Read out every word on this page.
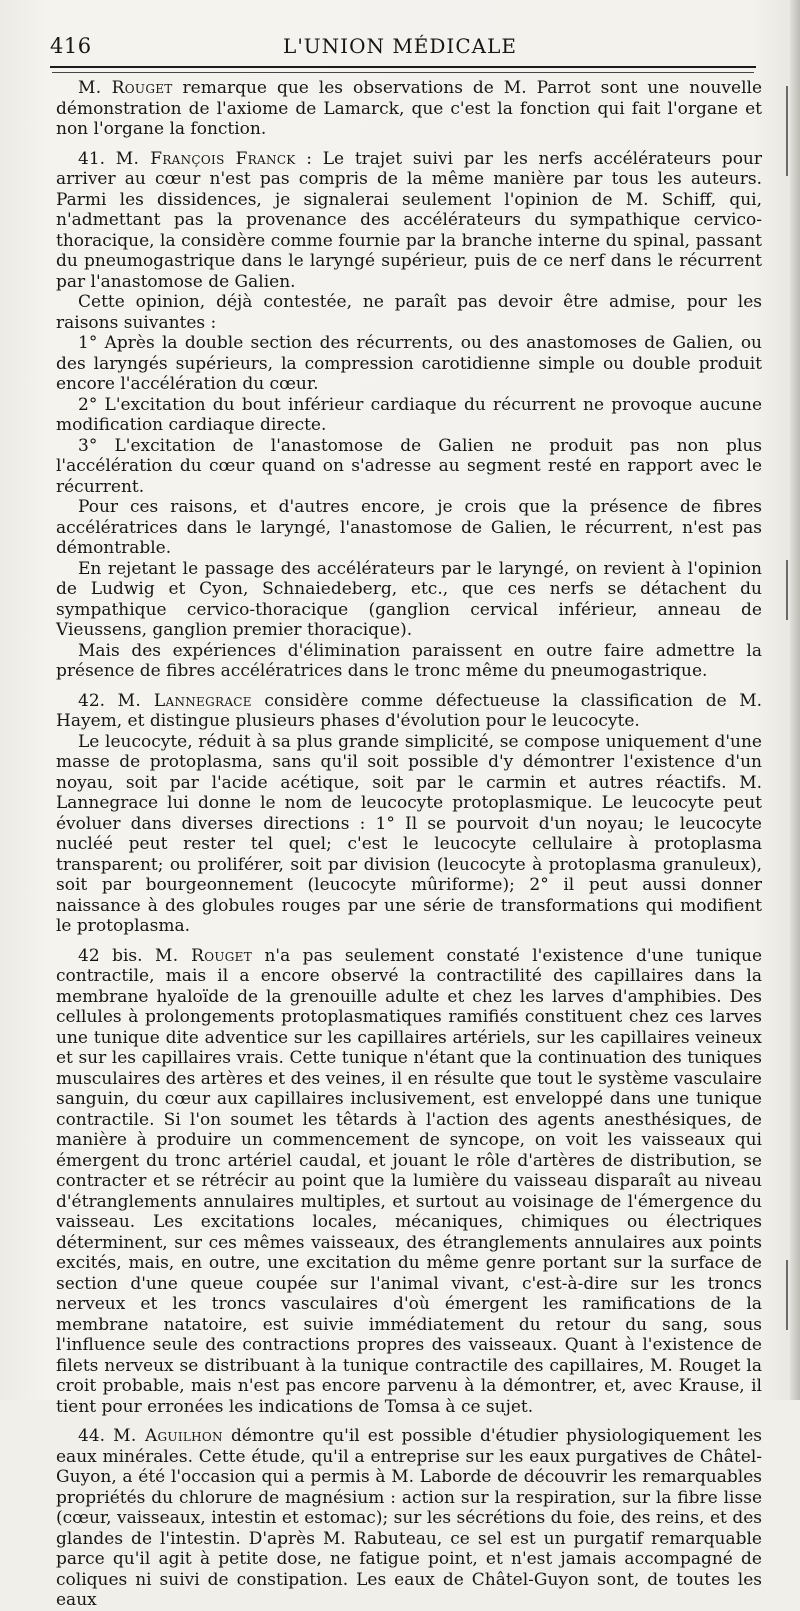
416	L'UNION MÉDICALE

M. Rouget remarque que les observations de M. Parrot sont une nouvelle démonstration de l'axiome de Lamarck, que c'est la fonction qui fait l'organe et non l'organe la fonction.

41. M. François Franck : Le trajet suivi par les nerfs accélérateurs pour arriver au cœur n'est pas compris de la même manière par tous les auteurs. Parmi les dissidences, je signalerai seulement l'opinion de M. Schiff, qui, n'admettant pas la provenance des accélérateurs du sympathique cervico-thoracique, la considère comme fournie par la branche interne du spinal, passant du pneumogastrique dans le laryngé supérieur, puis de ce nerf dans le récurrent par l'anastomose de Galien.

Cette opinion, déjà contestée, ne paraît pas devoir être admise, pour les raisons suivantes :

1° Après la double section des récurrents, ou des anastomoses de Galien, ou des laryngés supérieurs, la compression carotidienne simple ou double produit encore l'accélération du cœur.

2° L'excitation du bout inférieur cardiaque du récurrent ne provoque aucune modification cardiaque directe.

3° L'excitation de l'anastomose de Galien ne produit pas non plus l'accélération du cœur quand on s'adresse au segment resté en rapport avec le récurrent.

Pour ces raisons, et d'autres encore, je crois que la présence de fibres accélératrices dans le laryngé, l'anastomose de Galien, le récurrent, n'est pas démontrable.

En rejetant le passage des accélérateurs par le laryngé, on revient à l'opinion de Ludwig et Cyon, Schnaiedeberg, etc., que ces nerfs se détachent du sympathique cervico-thoracique (ganglion cervical inférieur, anneau de Vieussens, ganglion premier thoracique).

Mais des expériences d'élimination paraissent en outre faire admettre la présence de fibres accélératrices dans le tronc même du pneumogastrique.

42. M. Lannegrace considère comme défectueuse la classification de M. Hayem, et distingue plusieurs phases d'évolution pour le leucocyte.

Le leucocyte, réduit à sa plus grande simplicité, se compose uniquement d'une masse de protoplasma, sans qu'il soit possible d'y démontrer l'existence d'un noyau, soit par l'acide acétique, soit par le carmin et autres réactifs. M. Lannegrace lui donne le nom de leucocyte protoplasmique. Le leucocyte peut évoluer dans diverses directions : 1° Il se pourvoit d'un noyau; le leucocyte nucléé peut rester tel quel; c'est le leucocyte cellulaire à protoplasma transparent; ou proliférer, soit par division (leucocyte à protoplasma granuleux), soit par bourgeonnement (leucocyte mûriforme); 2° il peut aussi donner naissance à des globules rouges par une série de transformations qui modifient le protoplasma.

42 bis. M. Rouget n'a pas seulement constaté l'existence d'une tunique contractile, mais il a encore observé la contractilité des capillaires dans la membrane hyaloïde de la grenouille adulte et chez les larves d'amphibies. Des cellules à prolongements protoplasmatiques ramifiés constituent chez ces larves une tunique dite adventice sur les capillaires artériels, sur les capillaires veineux et sur les capillaires vrais. Cette tunique n'étant que la continuation des tuniques musculaires des artères et des veines, il en résulte que tout le système vasculaire sanguin, du cœur aux capillaires inclusivement, est enveloppé dans une tunique contractile. Si l'on soumet les têtards à l'action des agents anesthésiques, de manière à produire un commencement de syncope, on voit les vaisseaux qui émergent du tronc artériel caudal, et jouant le rôle d'artères de distribution, se contracter et se rétrécir au point que la lumière du vaisseau disparaît au niveau d'étranglements annulaires multiples, et surtout au voisinage de l'émergence du vaisseau. Les excitations locales, mécaniques, chimiques ou électriques déterminent, sur ces mêmes vaisseaux, des étranglements annulaires aux points excités, mais, en outre, une excitation du même genre portant sur la surface de section d'une queue coupée sur l'animal vivant, c'est-à-dire sur les troncs nerveux et les troncs vasculaires d'où émergent les ramifications de la membrane natatoire, est suivie immédiatement du retour du sang, sous l'influence seule des contractions propres des vaisseaux. Quant à l'existence de filets nerveux se distribuant à la tunique contractile des capillaires, M. Rouget la croit probable, mais n'est pas encore parvenu à la démontrer, et, avec Krause, il tient pour erronées les indications de Tomsa à ce sujet.

44. M. Aguilhon démontre qu'il est possible d'étudier physiologiquement les eaux minérales. Cette étude, qu'il a entreprise sur les eaux purgatives de Châtel-Guyon, a été l'occasion qui a permis à M. Laborde de découvrir les remarquables propriétés du chlorure de magnésium : action sur la respiration, sur la fibre lisse (cœur, vaisseaux, intestin et estomac); sur les sécrétions du foie, des reins, et des glandes de l'intestin. D'après M. Rabuteau, ce sel est un purgatif remarquable parce qu'il agit à petite dose, ne fatigue point, et n'est jamais accompagné de coliques ni suivi de constipation. Les eaux de Châtel-Guyon sont, de toutes les eaux
